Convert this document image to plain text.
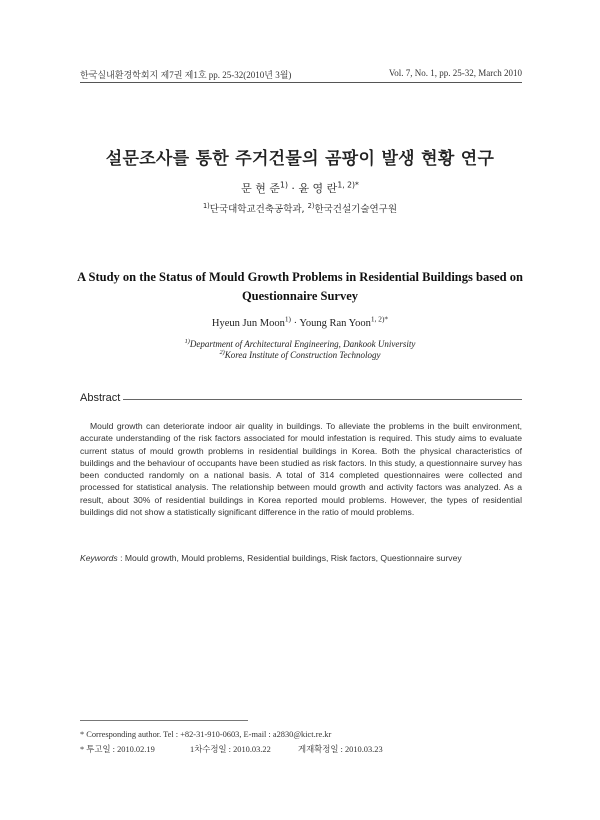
한국실내환경학회지 제7권 제1호 pp. 25-32(2010년 3월)	Vol. 7, No. 1, pp. 25-32, March 2010
설문조사를 통한 주거건물의 곰팡이 발생 현황 연구
문 현 준$^{1)}$ · 윤 영 란$^{1, 2)*}$
$^{1)}$단국대학교건축공학과, $^{2)}$한국건설기술연구원
A Study on the Status of Mould Growth Problems in Residential Buildings based on Questionnaire Survey
Hyeun Jun Moon$^{1)}$ · Young Ran Yoon$^{1, 2)*}$
$^{1)}$Department of Architectural Engineering, Dankook University
$^{2)}$Korea Institute of Construction Technology
Abstract
Mould growth can deteriorate indoor air quality in buildings. To alleviate the problems in the built environment, accurate understanding of the risk factors associated for mould infestation is required. This study aims to evaluate current status of mould growth problems in residential buildings in Korea. Both the physical characteristics of buildings and the behaviour of occupants have been studied as risk factors. In this study, a questionnaire survey has been conducted randomly on a national basis. A total of 314 completed questionnaires were collected and processed for statistical analysis. The relationship between mould growth and activity factors was analyzed. As a result, about 30% of residential buildings in Korea reported mould problems. However, the types of residential buildings did not show a statistically significant difference in the ratio of mould problems.
Keywords : Mould growth, Mould problems, Residential buildings, Risk factors, Questionnaire survey
* Corresponding author. Tel : +82-31-910-0603, E-mail : a2830@kict.re.kr
* 투고일 : 2010.02.19	1차수정일 : 2010.03.22	게재확정일 : 2010.03.23
